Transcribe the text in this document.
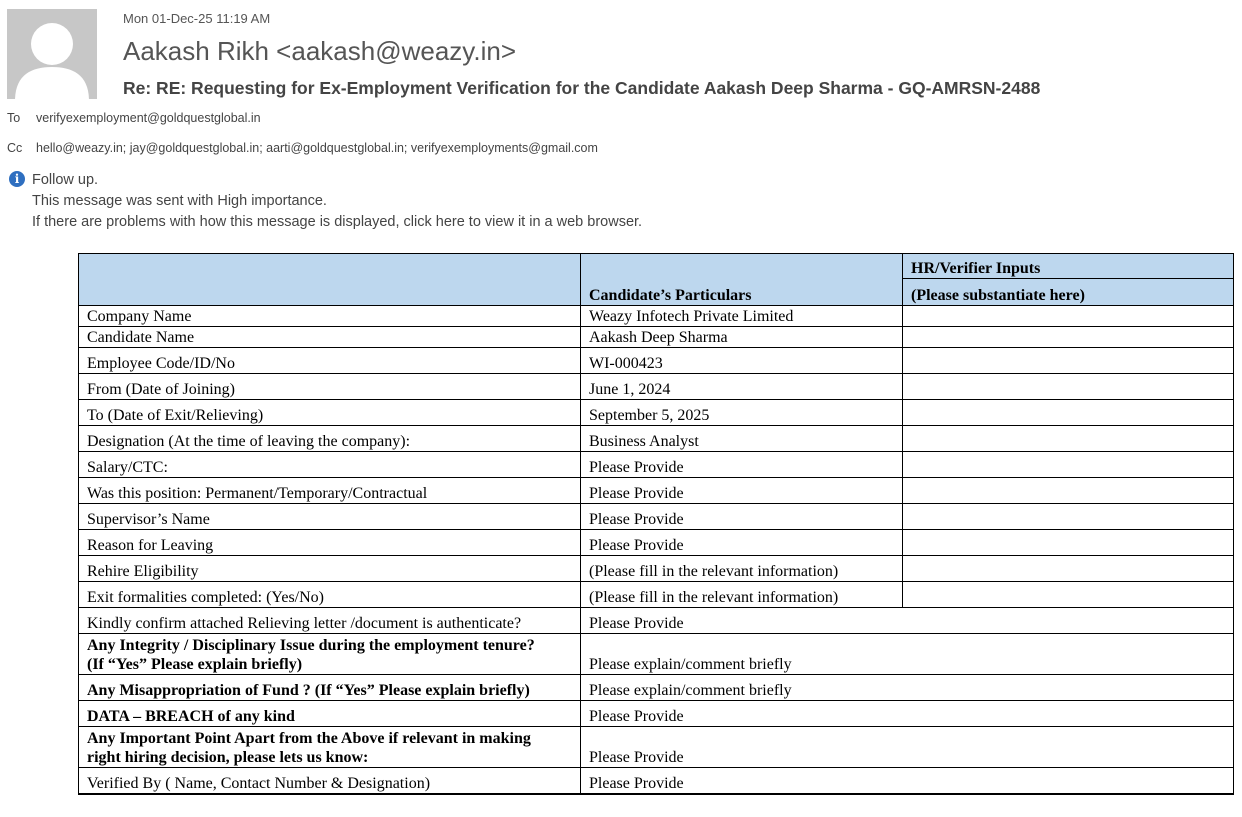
Mon 01-Dec-25 11:19 AM
Aakash Rikh <aakash@weazy.in>
Re: RE: Requesting for Ex-Employment Verification for the Candidate Aakash Deep Sharma - GQ-AMRSN-2488
To verifyexemployment@goldquestglobal.in
Cc hello@weazy.in; jay@goldquestglobal.in; aarti@goldquestglobal.in; verifyexemployments@gmail.com
i Follow up.
This message was sent with High importance.
If there are problems with how this message is displayed, click here to view it in a web browser.
	Candidate’s Particulars	HR/Verifier Inputs
		(Please substantiate here)
Company Name	Weazy Infotech Private Limited	
Candidate Name	Aakash Deep Sharma	
Employee Code/ID/No	WI-000423	
From (Date of Joining)	June 1, 2024	
To (Date of Exit/Relieving)	September 5, 2025	
Designation (At the time of leaving the company):	Business Analyst	
Salary/CTC:	Please Provide	
Was this position: Permanent/Temporary/Contractual	Please Provide	
Supervisor’s Name	Please Provide	
Reason for Leaving	Please Provide	
Rehire Eligibility	(Please fill in the relevant information)	
Exit formalities completed: (Yes/No)	(Please fill in the relevant information)	
Kindly confirm attached Relieving letter /document is authenticate?	Please Provide	

Any Integrity / Disciplinary Issue during the employment tenure?
(If “Yes” Please explain briefly)	Please explain/comment briefly	
Any Misappropriation of Fund ? (If “Yes” Please explain briefly)	Please explain/comment briefly	
DATA – BREACH of any kind	Please Provide	

Any Important Point Apart from the Above if relevant in making
right hiring decision, please lets us know:	Please Provide	
Verified By ( Name, Contact Number & Designation)	Please Provide	
